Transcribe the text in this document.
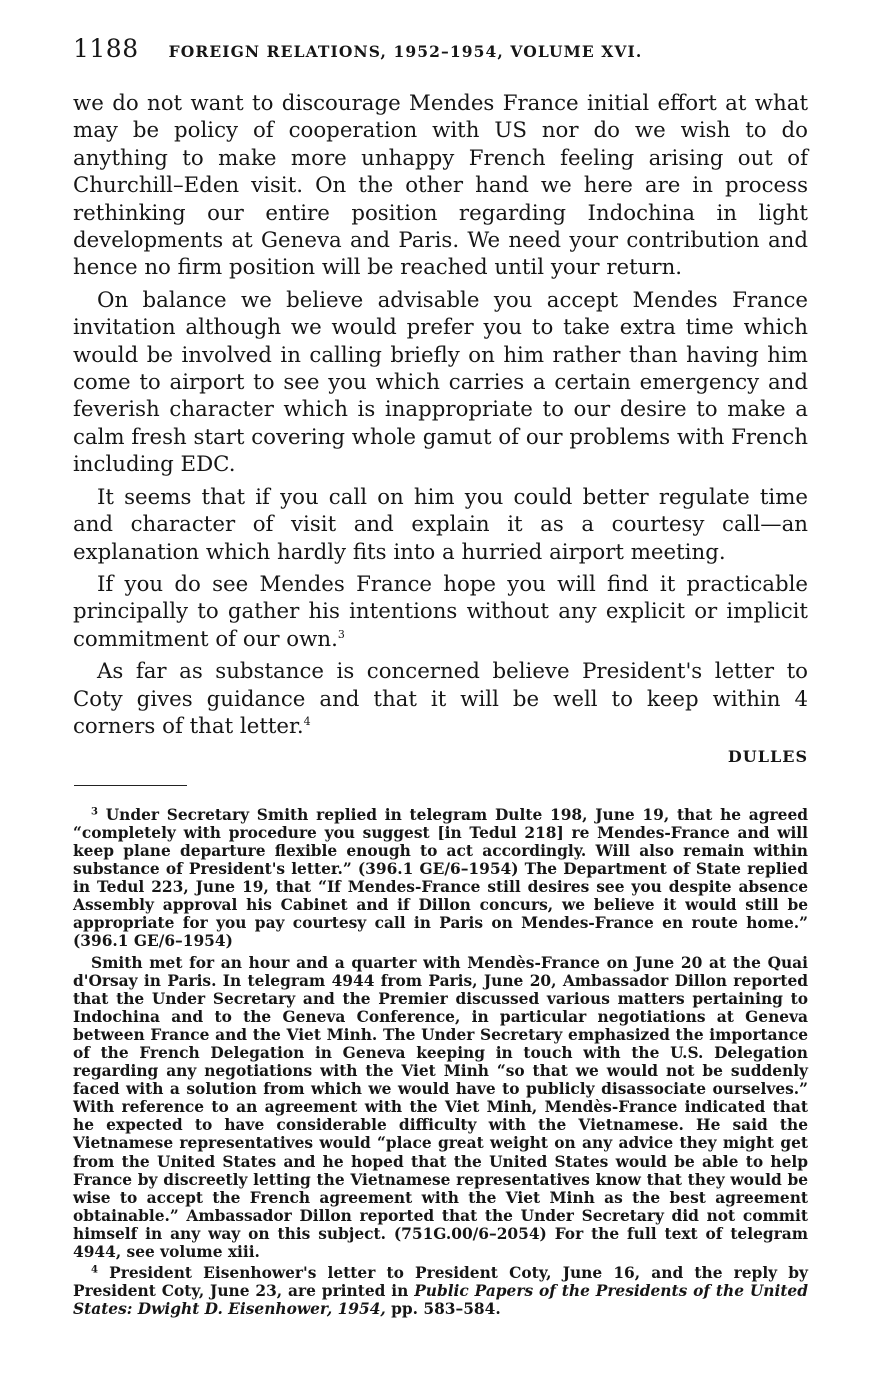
1188 FOREIGN RELATIONS, 1952–1954, VOLUME XVI.

we do not want to discourage Mendes France initial effort at what may be policy of cooperation with US nor do we wish to do anything to make more unhappy French feeling arising out of Churchill–Eden visit. On the other hand we here are in process rethinking our entire position regarding Indochina in light developments at Geneva and Paris. We need your contribution and hence no firm position will be reached until your return.

On balance we believe advisable you accept Mendes France invitation although we would prefer you to take extra time which would be involved in calling briefly on him rather than having him come to airport to see you which carries a certain emergency and feverish character which is inappropriate to our desire to make a calm fresh start covering whole gamut of our problems with French including EDC.

It seems that if you call on him you could better regulate time and character of visit and explain it as a courtesy call—an explanation which hardly fits into a hurried airport meeting.

If you do see Mendes France hope you will find it practicable principally to gather his intentions without any explicit or implicit commitment of our own.$^3$

As far as substance is concerned believe President's letter to Coty gives guidance and that it will be well to keep within 4 corners of that letter.$^4$

DULLES

$^3$ Under Secretary Smith replied in telegram Dulte 198, June 19, that he agreed “completely with procedure you suggest [in Tedul 218] re Mendes-France and will keep plane departure flexible enough to act accordingly. Will also remain within substance of President's letter.” (396.1 GE/6–1954) The Department of State replied in Tedul 223, June 19, that “If Mendes-France still desires see you despite absence Assembly approval his Cabinet and if Dillon concurs, we believe it would still be appropriate for you pay courtesy call in Paris on Mendes-France en route home.” (396.1 GE/6–1954)

Smith met for an hour and a quarter with Mendès-France on June 20 at the Quai d'Orsay in Paris. In telegram 4944 from Paris, June 20, Ambassador Dillon reported that the Under Secretary and the Premier discussed various matters pertaining to Indochina and to the Geneva Conference, in particular negotiations at Geneva between France and the Viet Minh. The Under Secretary emphasized the importance of the French Delegation in Geneva keeping in touch with the U.S. Delegation regarding any negotiations with the Viet Minh “so that we would not be suddenly faced with a solution from which we would have to publicly disassociate ourselves.” With reference to an agreement with the Viet Minh, Mendès-France indicated that he expected to have considerable difficulty with the Vietnamese. He said the Vietnamese representatives would “place great weight on any advice they might get from the United States and he hoped that the United States would be able to help France by discreetly letting the Vietnamese representatives know that they would be wise to accept the French agreement with the Viet Minh as the best agreement obtainable.” Ambassador Dillon reported that the Under Secretary did not commit himself in any way on this subject. (751G.00/6–2054) For the full text of telegram 4944, see volume xiii.

$^4$ President Eisenhower's letter to President Coty, June 16, and the reply by President Coty, June 23, are printed in Public Papers of the Presidents of the United States: Dwight D. Eisenhower, 1954, pp. 583–584.
